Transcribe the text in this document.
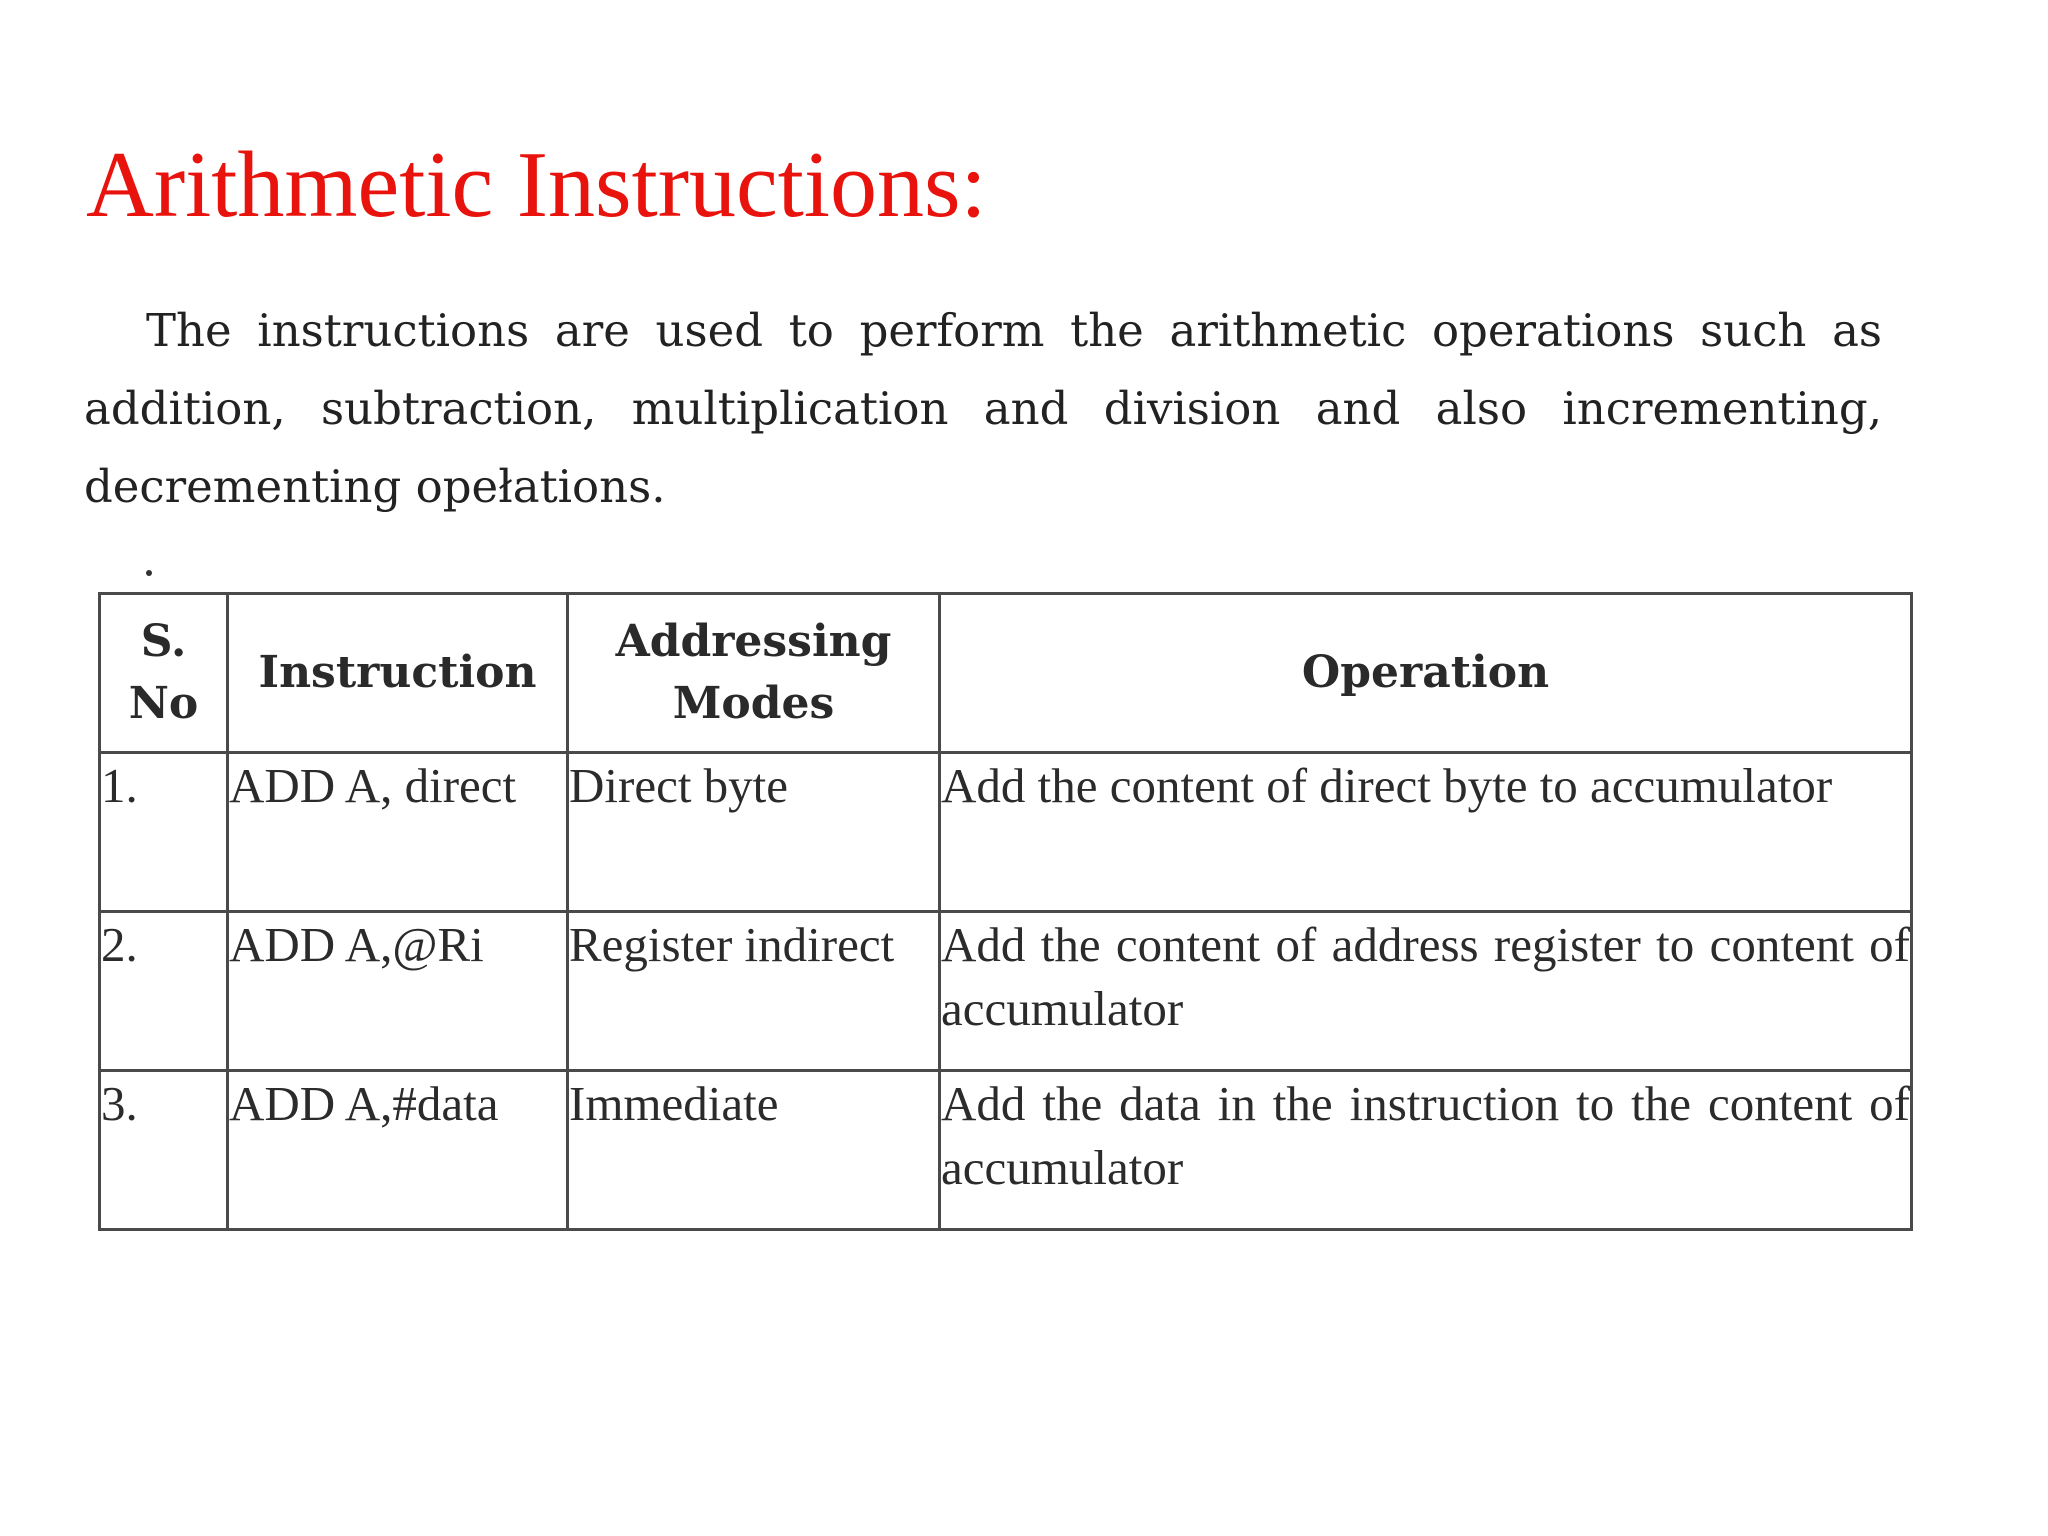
Arithmetic Instructions:

The instructions are used to perform the arithmetic operations such as addition, subtraction, multiplication and division and also incrementing, decrementing opełations.

S. No	Instruction	Addressing Modes	Operation
1.	ADD A, direct	Direct byte	Add the content of direct byte to accumulator
2.	ADD A,@Ri	Register indirect	Add the content of address register to content of accumulator
3.	ADD A,#data	Immediate	Add the data in the instruction to the content of accumulator
